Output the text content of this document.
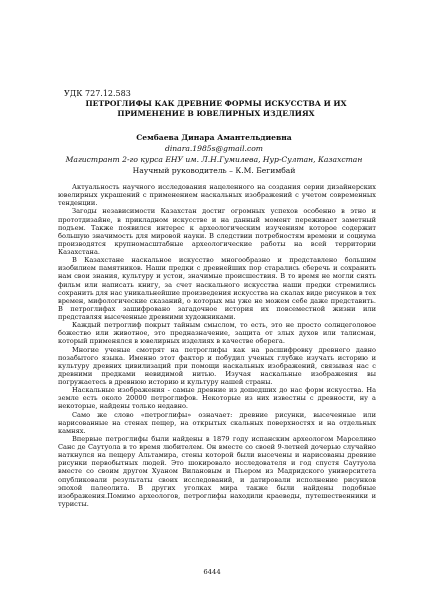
УДК 727.12.583
ПЕТРОГЛИФЫ КАК ДРЕВНИЕ ФОРМЫ ИСКУССТВА И ИХ
ПРИМЕНЕНИЕ В ЮВЕЛИРНЫХ ИЗДЕЛИЯХ
Сембаева Динара Амантельдиевна
dinara.1985s@gmail.com
Магистрант 2-го курса ЕНУ им. Л.Н.Гумилева, Нур-Султан, Казахстан
Научный руководитель – К.М. Бегимбай

Актуальность научного исследования нацеленного на создания серии дизайнерских ювелирных украшений с применением наскальных изображений с учетом современных тенденции.

Загоды независимости Казахстан достиг огромных успехов особенно в этно и прототдизайне, в прикладном искусстве и на данный момент переживает заметный подъем. Также появился интерес к археологическим изучениям которое содержит большую значимость для мировой науки. В следствии потребностям времени и социума производятся крупномасштабные археологические работы на всей территории Казахстана.

В Казахстане наскальное искусство многообразно и представлено большим изобилием памятников. Наши предки с древнейших пор старались сберечь и сохранить нам свои знания, культуру и устои, значимые происшествия. В то время не могли снять фильм или написать книгу, за счет наскального искусства наши предки стремились сохранить для нас уникальнейшие произведения искусства на скалах виде рисунков в тех времен, мифологические сказаний, о которых мы уже не можем себе даже представить. В петроглифах зашифровано загадочное история их повсеместной жизни или представляя высеченные древними художниками.

Каждый петроглиф покрыт тайным смыслом, то есть, это не просто солнцеголовое божество или животное, это предназначение, защита от злых духов или талисман, который применялся в ювелирных изделиях в качестве оберега.

Многие ученые смотрят на петроглифы как на расшифровку древнего давно позабытого языка. Именно этот фактор и побудил ученых глубже изучать историю и культуру древних цивилизаций при помощи наскальных изображений, связывая нас с древними предками невидимой нитью. Изучая наскальные изображения вы погружаетесь в древнюю историю и культуру нашей страны.

Наскальные изображения - самые древние из дошедших до нас форм искусства. На земле есть около 20000 петроглифов. Некоторые из них известны с древности, ну а некоторые, найдены только недавно.

Само же слово «петроглифы» означает: древние рисунки, высеченные или нарисованные на стенах пещер, на открытых скальных поверхностях и на отдельных камнях.

Впервые петроглифы были найдены в 1879 году испанским археологом Марселино Санс де Саутуола в то время любителем. Он вместе со своей 9-летней дочерью случайно наткнулся на пещеру Альтамира, стены которой были высечены и нарисованы древние рисунки первобытных людей. Это шокировало исследователя и год спустя Саутуола вместе со своим другом Хуаном Вилановым и Пьером из Мадридского университета опубликовали результаты своих исследований, и датировали исполнение рисунков эпохой палеолита. В других уголках мира также были найдены подобные изображения.Помимо археологов, петроглифы находили краеведы, путешественники и туристы.

6444
